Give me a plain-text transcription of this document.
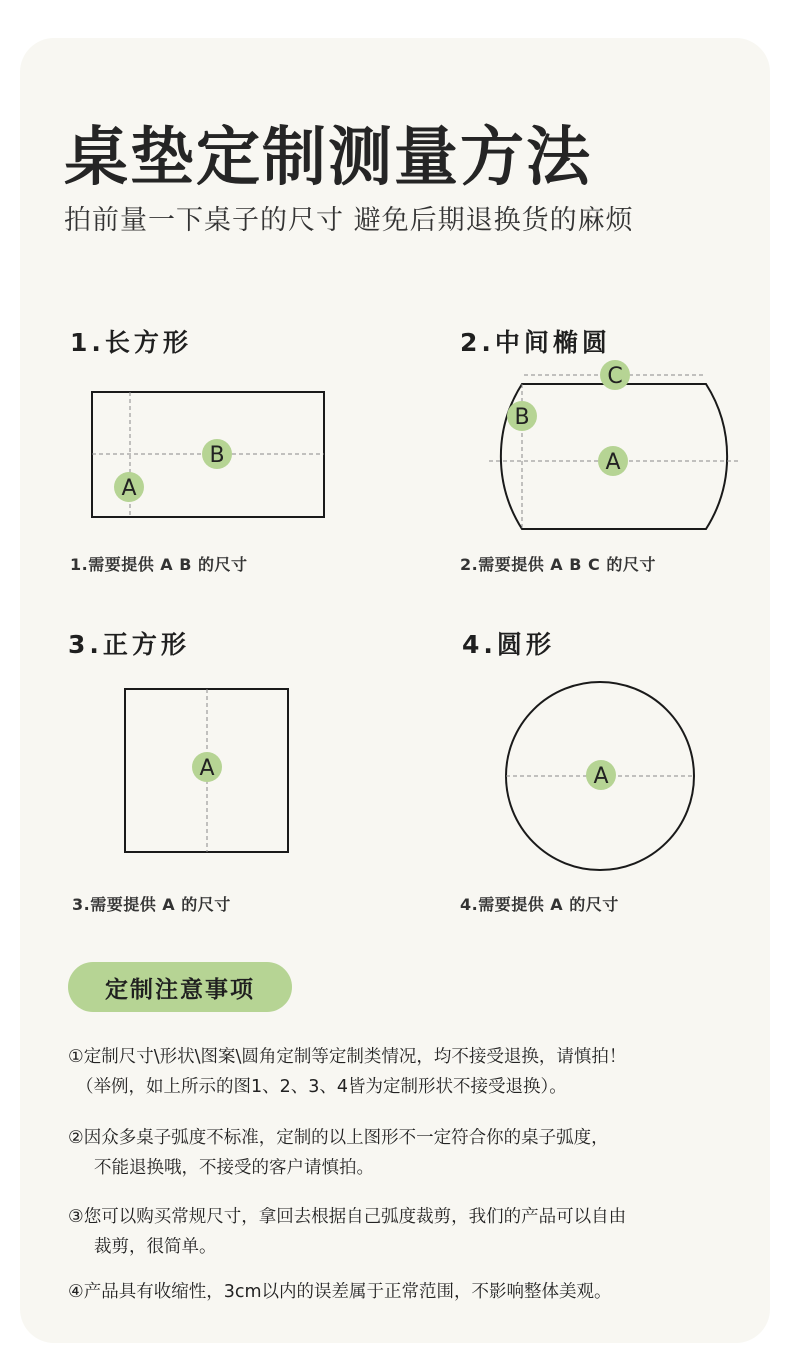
桌垫定制测量方法
拍前量一下桌子的尺寸 避免后期退换货的麻烦
1.长方形
B
A
1.需要提供 A B 的尺寸
2.中间椭圆
C
B
A
2.需要提供 A B C 的尺寸
3.正方形
A
3.需要提供 A 的尺寸
4.圆形
A
4.需要提供 A 的尺寸
定制注意事项
①定制尺寸\形状\图案\圆角定制等定制类情况，均不接受退换，请慎拍！
（举例，如上所示的图1、2、3、4皆为定制形状不接受退换）。
②因众多桌子弧度不标准，定制的以上图形不一定符合你的桌子弧度，
不能退换哦，不接受的客户请慎拍。
③您可以购买常规尺寸，拿回去根据自己弧度裁剪，我们的产品可以自由
裁剪，很简单。
④产品具有收缩性，3cm以内的误差属于正常范围，不影响整体美观。
